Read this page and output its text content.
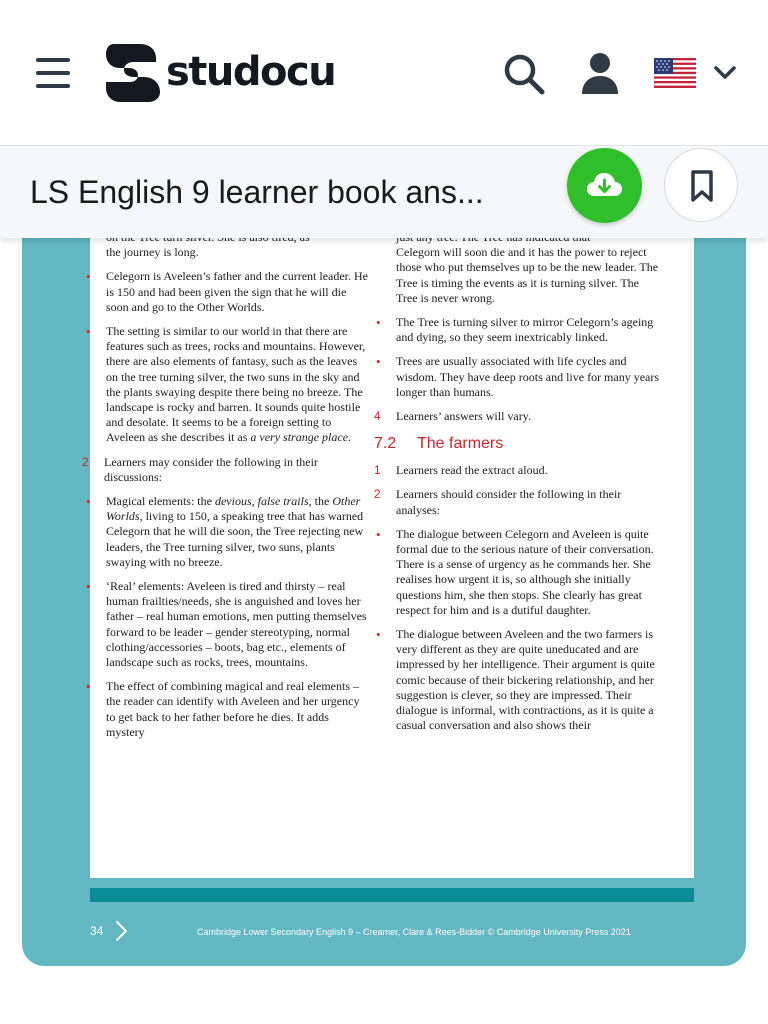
studocu
the journey is long.
• Celegorn is Aveleen’s father and the current leader. He is 150 and had been given the sign that he will die soon and go to the Other Worlds.
• The setting is similar to our world in that there are features such as trees, rocks and mountains. However, there are also elements of fantasy, such as the leaves on the tree turning silver, the two suns in the sky and the plants swaying despite there being no breeze. The landscape is rocky and barren. It sounds quite hostile and desolate. It seems to be a foreign setting to Aveleen as she describes it as a very strange place.
2	Learners may consider the following in their discussions:
• Magical elements: the devious, false trails, the Other Worlds, living to 150, a speaking tree that has warned Celegorn that he will die soon, the Tree rejecting new leaders, the Tree turning silver, two suns, plants swaying with no breeze.
• ‘Real’ elements: Aveleen is tired and thirsty – real human frailties/needs, she is anguished and loves her father – real human emotions, men putting themselves forward to be leader – gender stereotyping, normal clothing/accessories – boots, bag etc., elements of landscape such as rocks, trees, mountains.
• The effect of combining magical and real elements – the reader can identify with Aveleen and her urgency to get back to her father before he dies. It adds mystery
Celegorn will soon die and it has the power to reject those who put themselves up to be the new leader. The Tree is timing the events as it is turning silver. The Tree is never wrong.
• The Tree is turning silver to mirror Celegorn’s ageing and dying, so they seem inextricably linked.
• Trees are usually associated with life cycles and wisdom. They have deep roots and live for many years longer than humans.
4	Learners’ answers will vary.
7.2 The farmers
1	Learners read the extract aloud.
2	Learners should consider the following in their analyses:
• The dialogue between Celegorn and Aveleen is quite formal due to the serious nature of their conversation. There is a sense of urgency as he commands her. She realises how urgent it is, so although she initially questions him, she then stops. She clearly has great respect for him and is a dutiful daughter.
• The dialogue between Aveleen and the two farmers is very different as they are quite uneducated and are impressed by her intelligence. Their argument is quite comic because of their bickering relationship, and her suggestion is clever, so they are impressed. Their dialogue is informal, with contractions, as it is quite a casual conversation and also shows their
34	Cambridge Lower Secondary English 9 – Creamer, Clare & Rees-Bidder © Cambridge University Press 2021
LS English 9 learner book ans...
